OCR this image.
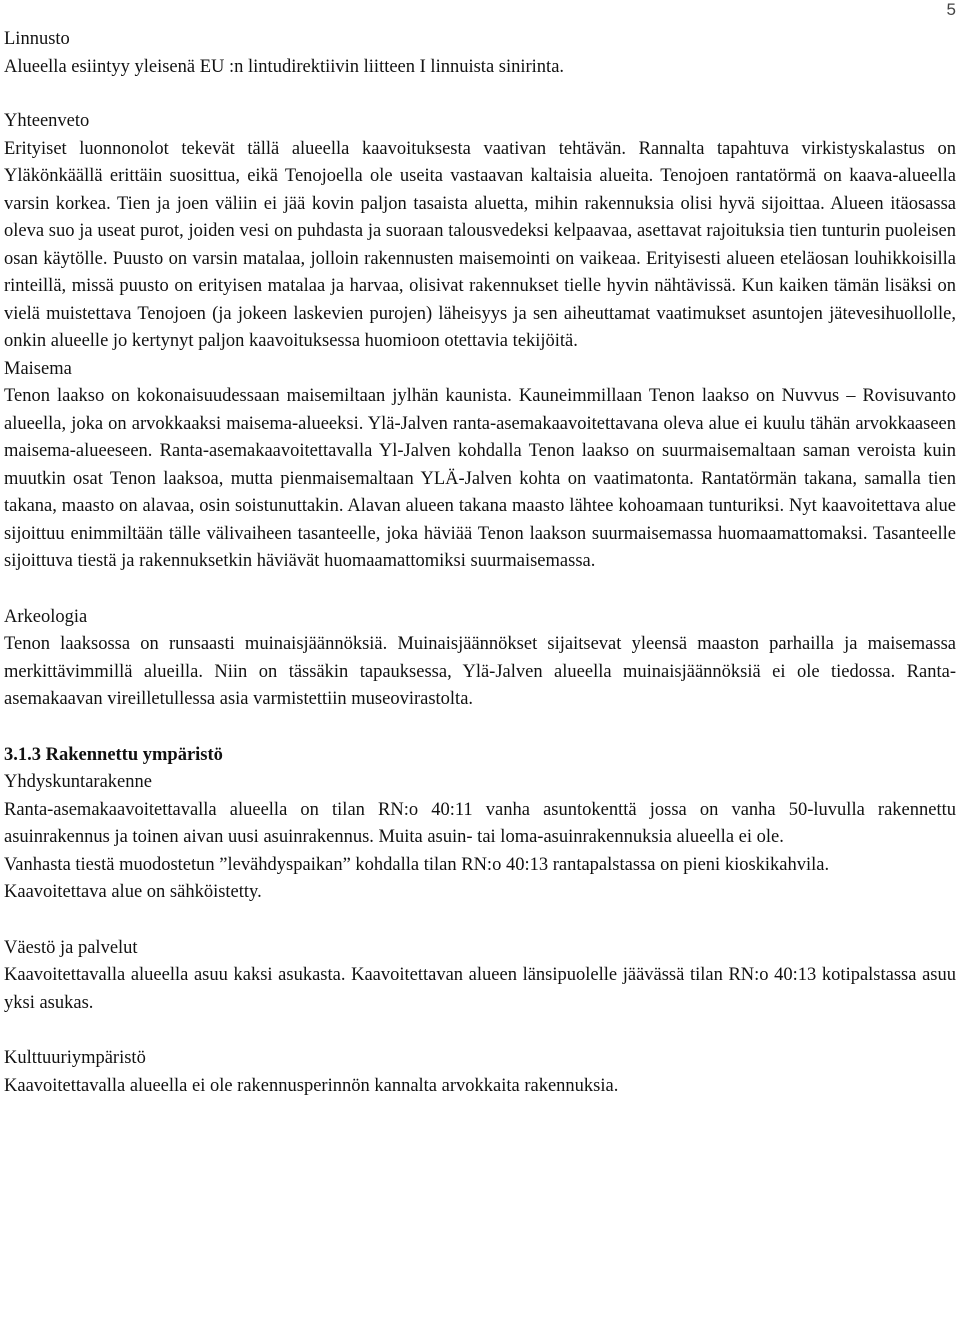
5

Linnusto

Alueella esiintyy yleisenä EU :n lintudirektiivin liitteen I linnuista sinirinta.

Yhteenveto

Erityiset luonnonolot tekevät tällä alueella kaavoituksesta vaativan tehtävän. Rannalta tapahtuva virkistyskalastus on Yläkönkäällä erittäin suosittua, eikä Tenojoella ole useita vastaavan kaltaisia alueita. Tenojoen rantatörmä on kaava-alueella varsin korkea. Tien ja joen väliin ei jää kovin paljon tasaista aluetta, mihin rakennuksia olisi hyvä sijoittaa. Alueen itäosassa oleva suo ja useat purot, joiden vesi on puhdasta ja suoraan talousvedeksi kelpaavaa, asettavat rajoituksia tien tunturin puoleisen osan käytölle. Puusto on varsin matalaa, jolloin rakennusten maisemointi on vaikeaa. Erityisesti alueen eteläosan louhikkoisilla rinteillä, missä puusto on erityisen matalaa ja harvaa, olisivat rakennukset tielle hyvin nähtävissä. Kun kaiken tämän lisäksi on vielä muistettava Tenojoen (ja jokeen laskevien purojen) läheisyys ja sen aiheuttamat vaatimukset asuntojen jätevesihuollolle, onkin alueelle jo kertynyt paljon kaavoituksessa huomioon otettavia tekijöitä.

Maisema

Tenon laakso on kokonaisuudessaan maisemiltaan jylhän kaunista. Kauneimmillaan Tenon laakso on Nuvvus – Rovisuvanto alueella, joka on arvokkaaksi maisema-alueeksi. Ylä-Jalven ranta-asemakaavoitettavana oleva alue ei kuulu tähän arvokkaaseen maisema-alueeseen. Ranta-asemakaavoitettavalla Yl-Jalven kohdalla Tenon laakso on suurmaisemaltaan saman veroista kuin muutkin osat Tenon laaksoa, mutta pienmaisemaltaan YLÄ-Jalven kohta on vaatimatonta. Rantatörmän takana, samalla tien takana, maasto on alavaa, osin soistunuttakin. Alavan alueen takana maasto lähtee kohoamaan tunturiksi. Nyt kaavoitettava alue sijoittuu enimmiltään tälle välivaiheen tasanteelle, joka häviää Tenon laakson suurmaisemassa huomaamattomaksi. Tasanteelle sijoittuva tiestä ja rakennuksetkin häviävät huomaamattomiksi suurmaisemassa.

Arkeologia

Tenon laaksossa on runsaasti muinaisjäännöksiä. Muinaisjäännökset sijaitsevat yleensä maaston parhailla ja maisemassa merkittävimmillä alueilla. Niin on tässäkin tapauksessa, Ylä-Jalven alueella muinaisjäännöksiä ei ole tiedossa. Ranta-asemakaavan vireilletullessa asia varmistettiin museovirastolta.

3.1.3 Rakennettu ympäristö

Yhdyskuntarakenne

Ranta-asemakaavoitettavalla alueella on tilan RN:o 40:11 vanha asuntokenttä jossa on vanha 50-luvulla rakennettu asuinrakennus ja toinen aivan uusi asuinrakennus. Muita asuin- tai loma-asuinrakennuksia alueella ei ole.

Vanhasta tiestä muodostetun ”levähdyspaikan” kohdalla tilan RN:o 40:13 rantapalstassa on pieni kioskikahvila.

Kaavoitettava alue on sähköistetty.

Väestö ja palvelut

Kaavoitettavalla alueella asuu kaksi asukasta. Kaavoitettavan alueen länsipuolelle jäävässä tilan RN:o 40:13 kotipalstassa asuu yksi asukas.

Kulttuuriympäristö

Kaavoitettavalla alueella ei ole rakennusperinnön kannalta arvokkaita rakennuksia.
